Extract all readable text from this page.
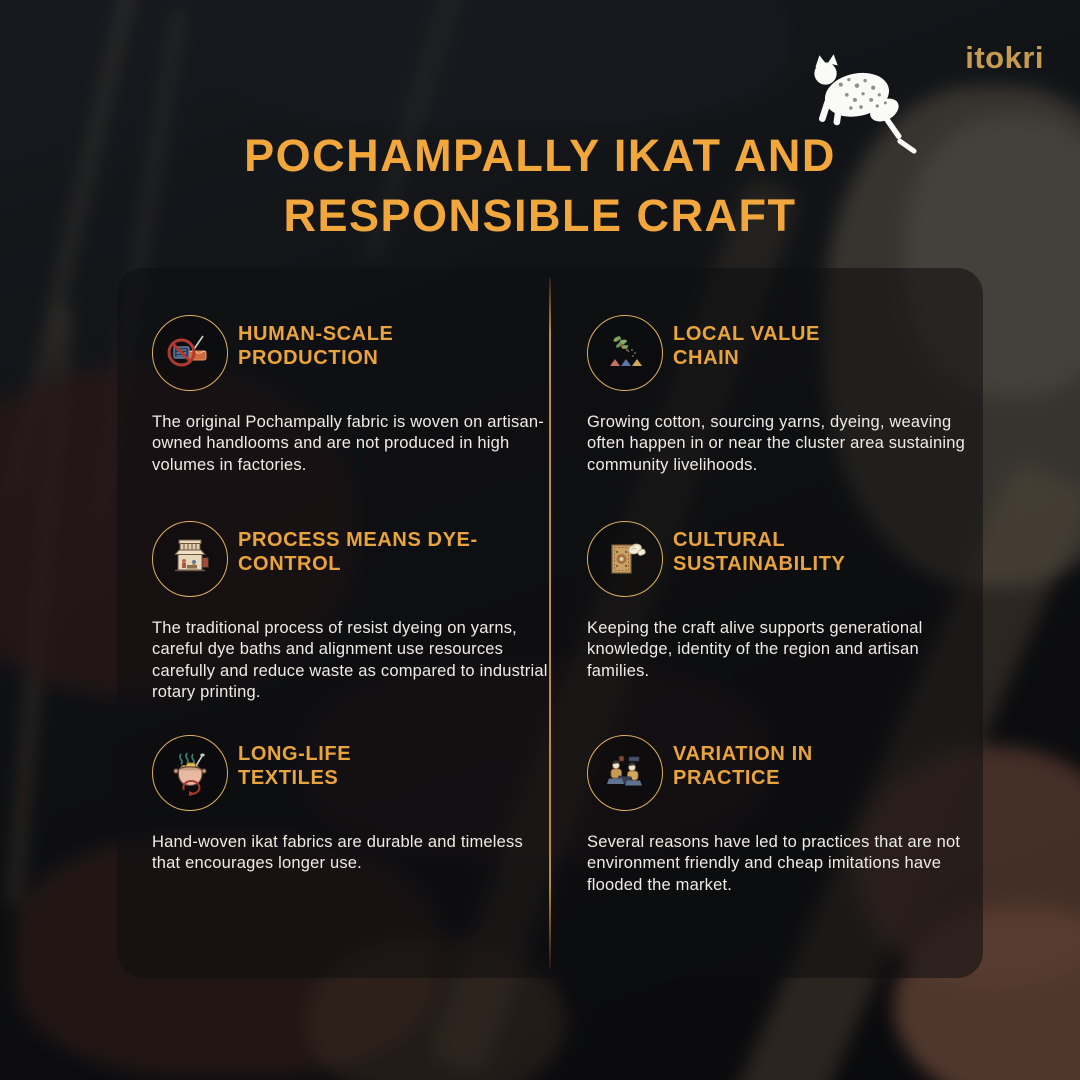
itokri
POCHAMPALLY IKAT AND
RESPONSIBLE CRAFT
HUMAN-SCALE
PRODUCTION

The original Pochampally fabric is woven on artisan-owned handlooms and are not produced in high volumes in factories.

LOCAL VALUE
CHAIN

Growing cotton, sourcing yarns, dyeing, weaving often happen in or near the cluster area sustaining community livelihoods.

PROCESS MEANS DYE-
CONTROL

The traditional process of resist dyeing on yarns, careful dye baths and alignment use resources carefully and reduce waste as compared to industrial rotary printing.

CULTURAL
SUSTAINABILITY

Keeping the craft alive supports generational knowledge, identity of the region and artisan families.

LONG-LIFE
TEXTILES

Hand-woven ikat fabrics are durable and timeless that encourages longer use.

VARIATION IN
PRACTICE

Several reasons have led to practices that are not environment friendly and cheap imitations have flooded the market.
